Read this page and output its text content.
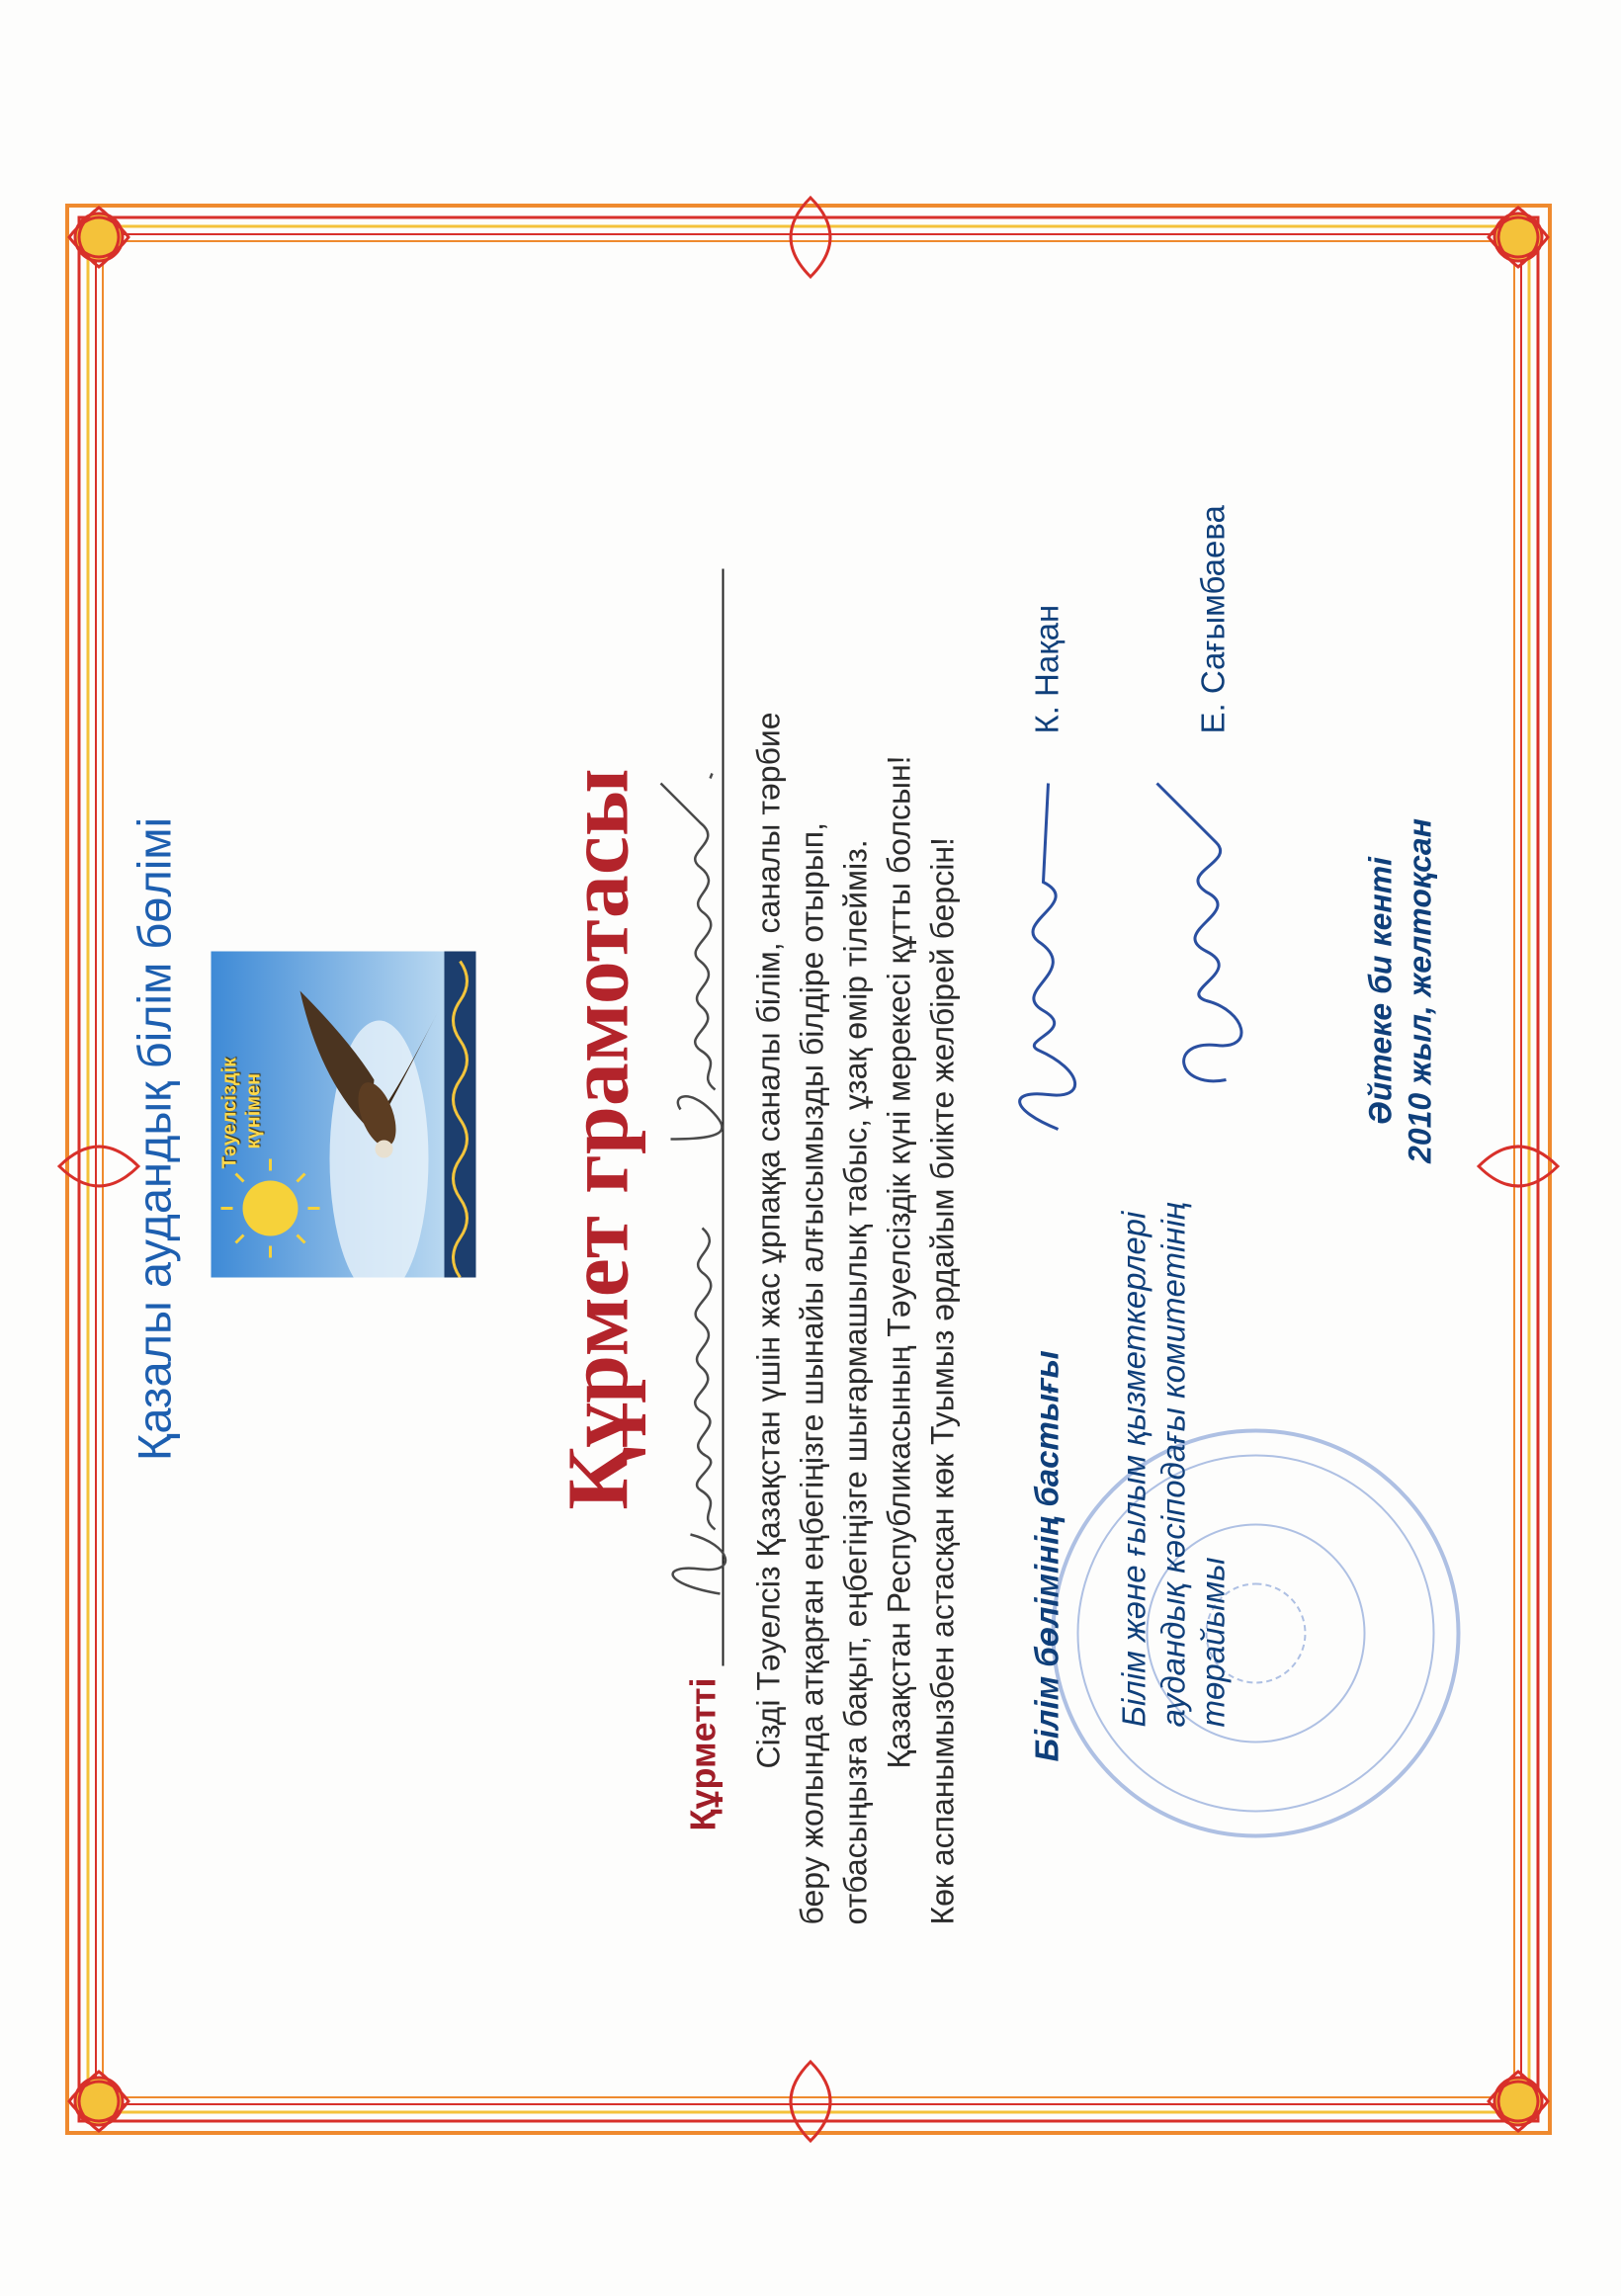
Қазалы аудандық білім бөлімі Тәуелсіздік күнімен	Құрмет грамотасы
Құрметті Сізді Тәуелсіз Қазақстан үшін жас ұрпаққа саналы білім, саналы тәрбие беру жолында атқарған еңбегіңізге шынайы алғысымызды білдіре отырып, отбасыңызға бақыт, еңбегіңізге шығармашылық табыс, ұзақ өмір тілейміз. Қазақстан Республикасының Тәуелсіздік күні мерекесі құтты болсын! Көк аспанымызбен астасқан көк Туымыз әрдайым биікте желбірей берсін! Білім бөлімінің бастығы
К. Нақан
Білім және ғылым қызметкерлері аудандық кәсіподағы комитетінің төрайымы
Е. Сағымбаева
Әйтеке би кенті 2010 жыл, желтоқсан
